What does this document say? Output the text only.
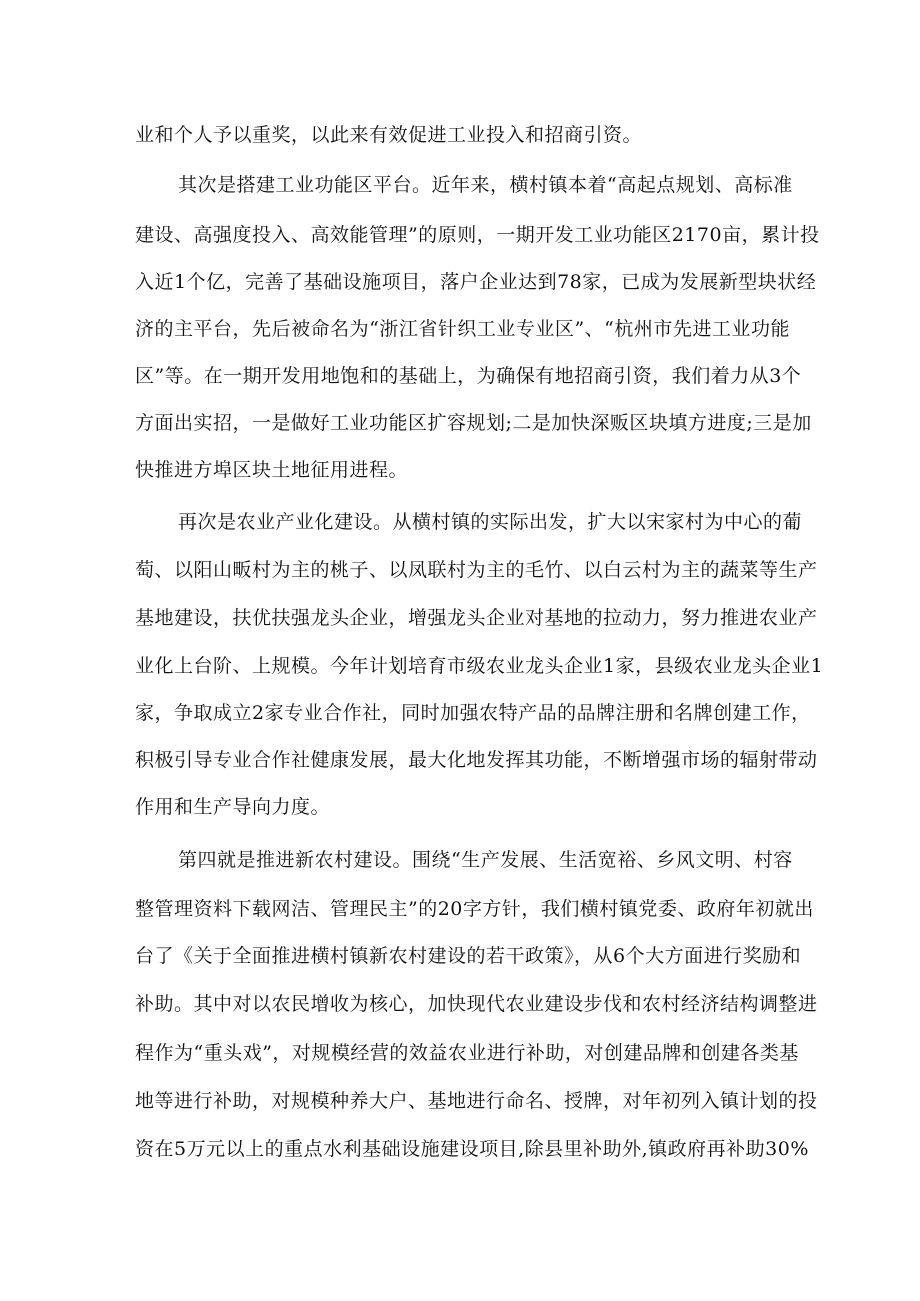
业和个人予以重奖，以此来有效促进工业投入和招商引资。
其次是搭建工业功能区平台。近年来，横村镇本着“高起点规划、高标准
建设、高强度投入、高效能管理”的原则，一期开发工业功能区2170亩，累计投
入近1个亿，完善了基础设施项目，落户企业达到78家，已成为发展新型块状经
济的主平台，先后被命名为“浙江省针织工业专业区”、“杭州市先进工业功能
区”等。在一期开发用地饱和的基础上，为确保有地招商引资，我们着力从3个
方面出实招，一是做好工业功能区扩容规划;二是加快深贩区块填方进度;三是加
快推进方埠区块土地征用进程。
再次是农业产业化建设。从横村镇的实际出发，扩大以宋家村为中心的葡
萄、以阳山畈村为主的桃子、以凤联村为主的毛竹、以白云村为主的蔬菜等生产
基地建设，扶优扶强龙头企业，增强龙头企业对基地的拉动力，努力推进农业产
业化上台阶、上规模。今年计划培育市级农业龙头企业1家，县级农业龙头企业1
家，争取成立2家专业合作社，同时加强农特产品的品牌注册和名牌创建工作，
积极引导专业合作社健康发展，最大化地发挥其功能，不断增强市场的辐射带动
作用和生产导向力度。
第四就是推进新农村建设。围绕“生产发展、生活宽裕、乡风文明、村容
整管理资料下载网洁、管理民主”的20字方针，我们横村镇党委、政府年初就出
台了《关于全面推进横村镇新农村建设的若干政策》，从6个大方面进行奖励和
补助。其中对以农民增收为核心，加快现代农业建设步伐和农村经济结构调整进
程作为“重头戏”，对规模经营的效益农业进行补助，对创建品牌和创建各类基
地等进行补助，对规模种养大户、基地进行命名、授牌，对年初列入镇计划的投
资在5万元以上的重点水利基础设施建设项目,除县里补助外,镇政府再补助30%
